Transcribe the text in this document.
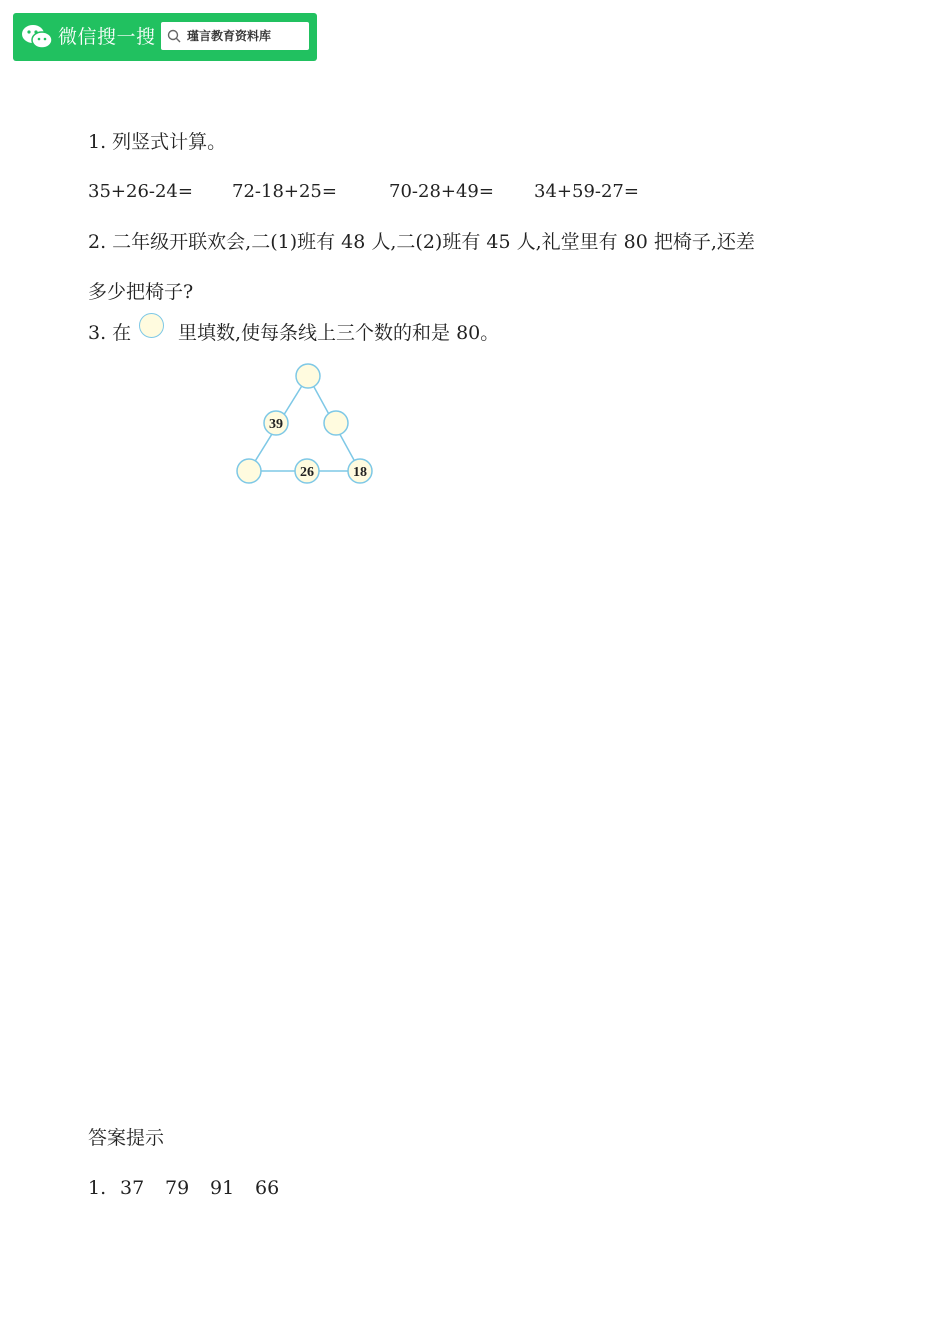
微信搜一搜	瑾言教育资料库
1. 列竖式计算。
35+26-24= 72-18+25=	70-28+49= 34+59-27=
2. 二年级开联欢会,二(1)班有 48 人,二(2)班有 45 人,礼堂里有 80 把椅子,还差
多少把椅子?
3. 在 里填数,使每条线上三个数的和是 80。
39
26	18
答案提示
1. 37 79 91 66
